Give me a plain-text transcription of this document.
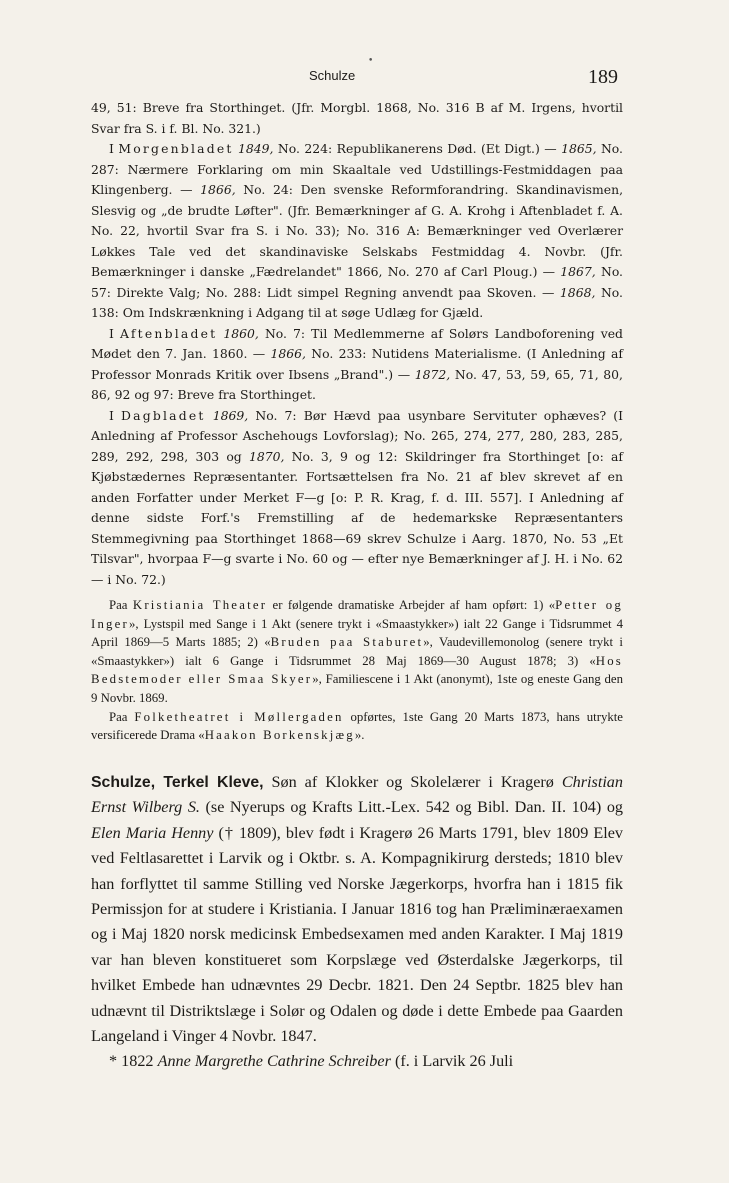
•
Schulze	189

49, 51: Breve fra Storthinget. (Jfr. Morgbl. 1868, No. 316 B af M. Irgens, hvortil Svar fra S. i f. Bl. No. 321.)

I Morgenbladet 1849, No. 224: Republikanerens Død. (Et Digt.) — 1865, No. 287: Nærmere Forklaring om min Skaaltale ved Udstillings-Festmiddagen paa Klingenberg. — 1866, No. 24: Den svenske Reformforandring. Skandinavismen, Slesvig og „de brudte Løfter". (Jfr. Bemærkninger af G. A. Krohg i Aftenbladet f. A. No. 22, hvortil Svar fra S. i No. 33); No. 316 A: Bemærkninger ved Overlærer Løkkes Tale ved det skandinaviske Selskabs Festmiddag 4. Novbr. (Jfr. Bemærkninger i danske „Fædrelandet" 1866, No. 270 af Carl Ploug.) — 1867, No. 57: Direkte Valg; No. 288: Lidt simpel Regning anvendt paa Skoven. — 1868, No. 138: Om Indskrænkning i Adgang til at søge Udlæg for Gjæld.

I Aftenbladet 1860, No. 7: Til Medlemmerne af Solørs Landboforening ved Mødet den 7. Jan. 1860. — 1866, No. 233: Nutidens Materialisme. (I Anledning af Professor Monrads Kritik over Ibsens „Brand".) — 1872, No. 47, 53, 59, 65, 71, 80, 86, 92 og 97: Breve fra Storthinget.

I Dagbladet 1869, No. 7: Bør Hævd paa usynbare Servituter ophæves? (I Anledning af Professor Aschehougs Lovforslag); No. 265, 274, 277, 280, 283, 285, 289, 292, 298, 303 og 1870, No. 3, 9 og 12: Skildringer fra Storthinget [o: af Kjøbstædernes Repræsentanter. Fortsættelsen fra No. 21 af blev skrevet af en anden Forfatter under Merket F—g [o: P. R. Krag, f. d. III. 557]. I Anledning af denne sidste Forf.'s Fremstilling af de hedemarkske Repræsentanters Stemmegivning paa Storthinget 1868—69 skrev Schulze i Aarg. 1870, No. 53 „Et Tilsvar", hvorpaa F—g svarte i No. 60 og — efter nye Bemærkninger af J. H. i No. 62 — i No. 72.)

Paa Kristiania Theater er følgende dramatiske Arbejder af ham opført: 1) «Petter og Inger», Lystspil med Sange i 1 Akt (senere trykt i «Smaastykker») ialt 22 Gange i Tidsrummet 4 April 1869—5 Marts 1885; 2) «Bruden paa Staburet», Vaudevillemonolog (senere trykt i «Smaastykker») ialt 6 Gange i Tidsrummet 28 Maj 1869—30 August 1878; 3) «Hos Bedstemoder eller Smaa Skyer», Familiescene i 1 Akt (anonymt), 1ste og eneste Gang den 9 Novbr. 1869.

Paa Folketheatret i Møllergaden opførtes, 1ste Gang 20 Marts 1873, hans utrykte versificerede Drama «Haakon Borkenskjæg».

Schulze, Terkel Kleve, Søn af Klokker og Skolelærer i Kragerø Christian Ernst Wilberg S. (se Nyerups og Krafts Litt.-Lex. 542 og Bibl. Dan. II. 104) og Elen Maria Henny († 1809), blev født i Kragerø 26 Marts 1791, blev 1809 Elev ved Feltlasarettet i Larvik og i Oktbr. s. A. Kompagnikirurg dersteds; 1810 blev han forflyttet til samme Stilling ved Norske Jægerkorps, hvorfra han i 1815 fik Permissjon for at studere i Kristiania. I Januar 1816 tog han Præliminæraexamen og i Maj 1820 norsk medicinsk Embedsexamen med anden Karakter. I Maj 1819 var han bleven konstitueret som Korpslæge ved Østerdalske Jægerkorps, til hvilket Embede han udnævntes 29 Decbr. 1821. Den 24 Septbr. 1825 blev han udnævnt til Distriktslæge i Solør og Odalen og døde i dette Embede paa Gaarden Langeland i Vinger 4 Novbr. 1847.

* 1822 Anne Margrethe Cathrine Schreiber (f. i Larvik 26 Juli
